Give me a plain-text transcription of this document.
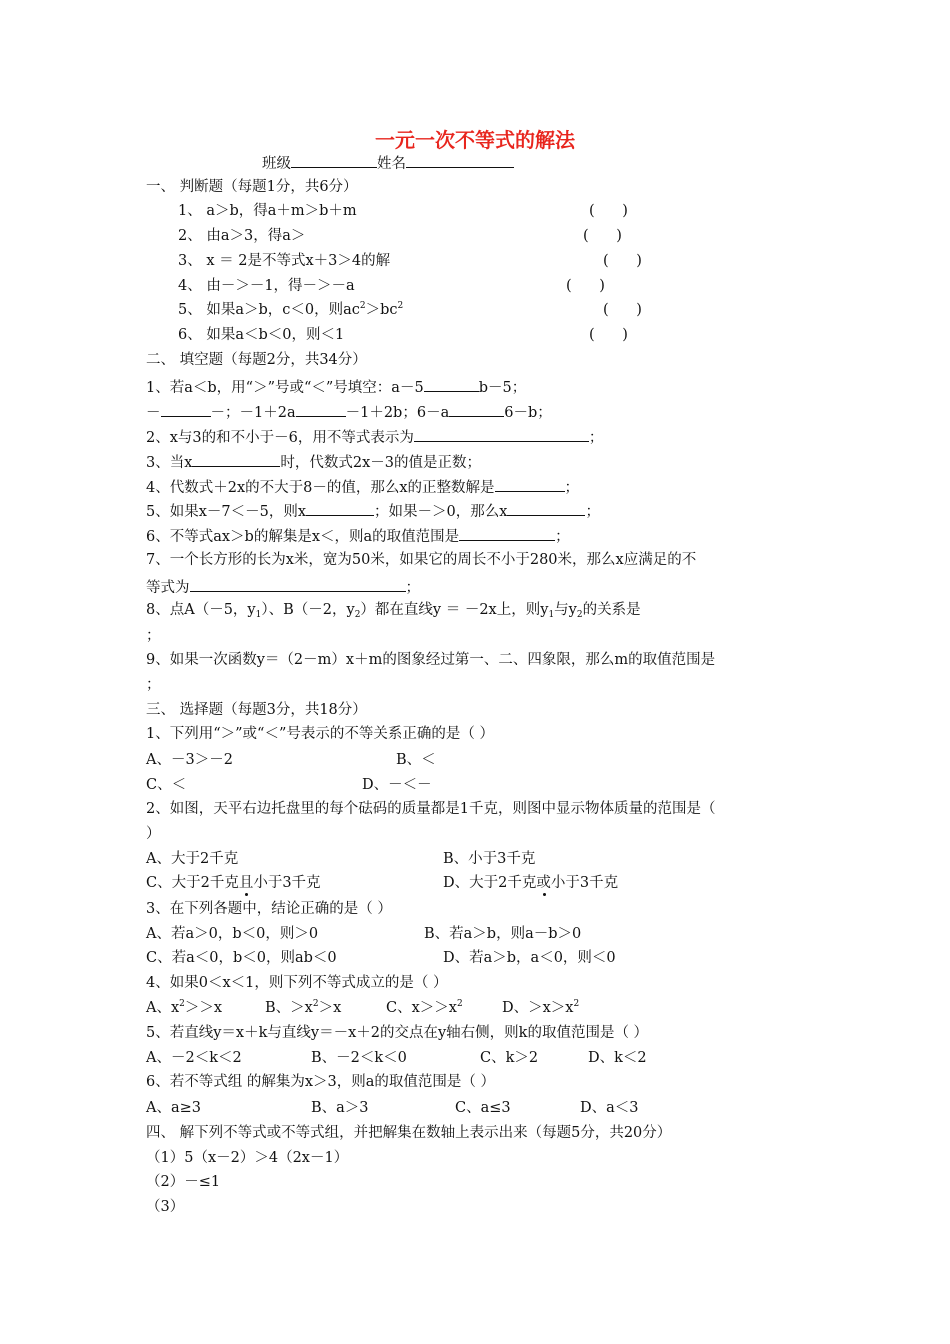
一元一次不等式的解法
班级	姓名
一、 判断题（每题1分，共6分）
1、 a＞b，得a＋m＞b＋m	(      )
2、 由a＞3，得a＞	(      )
3、 x ＝ 2是不等式x＋3＞4的解	(      )
4、 由－＞－1，得－＞－a	(      )
5、 如果a＞b，c＜0，则$ac^2>bc^2$	(      )
6、 如果a＜b＜0，则＜1	(      )
二、 填空题（每题2分，共34分）
1、若a＜b，用“＞”号或“＜”号填空：a－5	b－5；
－	－；－1＋2a	－1＋2b；6－a	6－b；
2、x与3的和不小于－6，用不等式表示为	；
3、当x	时，代数式2x－3的值是正数；
4、代数式＋2x的不大于8－的值，那么x的正整数解是	；
5、如果x－7＜－5，则x	；如果－＞0，那么x	；
6、不等式ax＞b的解集是x＜，则a的取值范围是	；
7、一个长方形的长为x米，宽为50米，如果它的周长不小于280米，那么x应满足的不
等式为	；
8、点A（－5，$y_1$）、B（－2，$y_2$）都在直线y ＝ －2x上，则$y_1$与$y_2$的关系是
；
9、如果一次函数y＝（2－m）x＋m的图象经过第一、二、四象限，那么m的取值范围是
；
三、 选择题（每题3分，共18分）
1、下列用“＞”或“＜”号表示的不等关系正确的是（ ）
A、－3＞－2	B、＜
C、＜	D、－＜－
2、如图，天平右边托盘里的每个砝码的质量都是1千克，则图中显示物体质量的范围是（
）
A、大于2千克	B、小于3千克
C、大于2千克且小于3千克	D、大于2千克或小于3千克
3、在下列各题中，结论正确的是（ ）
A、若a＞0，b＜0，则＞0	B、若a＞b，则a－b＞0
C、若a＜0，b＜0，则ab＜0	D、若a＞b，a＜0，则＜0
4、如果0＜x＜1，则下列不等式成立的是（ ）
A、$x^2>>x$	B、$>x^2>x$	C、$x>>x^2$	D、$>x>x^2$
5、若直线y＝x＋k与直线y＝－x＋2的交点在y轴右侧，则k的取值范围是（ ）
A、－2＜k＜2	B、－2＜k＜0	C、k＞2	D、k＜2
6、若不等式组 的解集为x＞3，则a的取值范围是（ ）
A、a≥3	B、a＞3	C、a≤3	D、a＜3
四、 解下列不等式或不等式组，并把解集在数轴上表示出来（每题5分，共20分）
（1）5（x－2）＞4（2x－1）
（2）－≤1
（3）
